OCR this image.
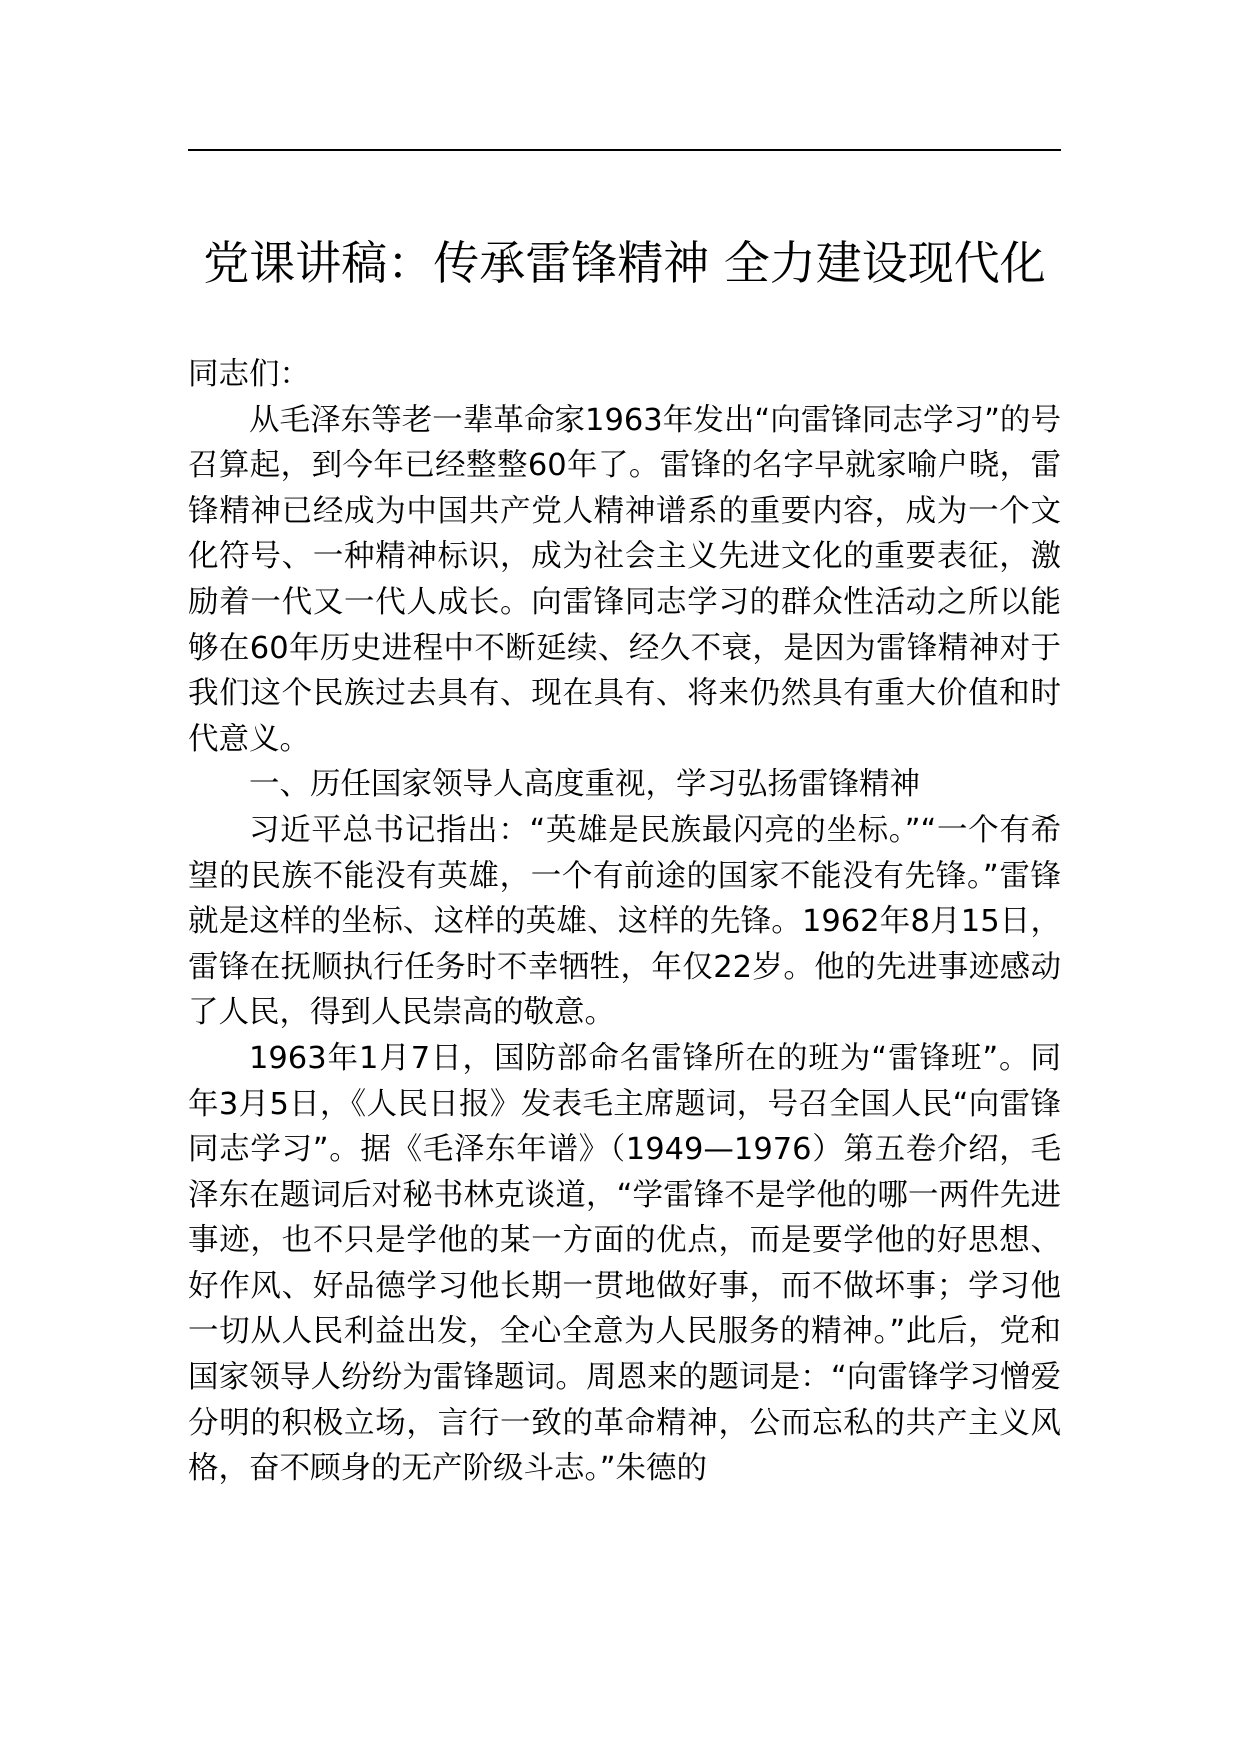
党课讲稿：传承雷锋精神 全力建设现代化

同志们：

从毛泽东等老一辈革命家1963年发出“向雷锋同志学习”的号召算起，到今年已经整整60年了。雷锋的名字早就家喻户晓，雷锋精神已经成为中国共产党人精神谱系的重要内容，成为一个文化符号、一种精神标识，成为社会主义先进文化的重要表征，激励着一代又一代人成长。向雷锋同志学习的群众性活动之所以能够在60年历史进程中不断延续、经久不衰，是因为雷锋精神对于我们这个民族过去具有、现在具有、将来仍然具有重大价值和时代意义。

一、历任国家领导人高度重视，学习弘扬雷锋精神

习近平总书记指出：“英雄是民族最闪亮的坐标。”“一个有希望的民族不能没有英雄，一个有前途的国家不能没有先锋。”雷锋就是这样的坐标、这样的英雄、这样的先锋。1962年8月15日，雷锋在抚顺执行任务时不幸牺牲，年仅22岁。他的先进事迹感动了人民，得到人民崇高的敬意。

1963年1月7日，国防部命名雷锋所在的班为“雷锋班”。同年3月5日，《人民日报》发表毛主席题词，号召全国人民“向雷锋同志学习”。据《毛泽东年谱》（1949—1976）第五卷介绍，毛泽东在题词后对秘书林克谈道，“学雷锋不是学他的哪一两件先进事迹，也不只是学他的某一方面的优点，而是要学他的好思想、好作风、好品德学习他长期一贯地做好事，而不做坏事；学习他一切从人民利益出发，全心全意为人民服务的精神。”此后，党和国家领导人纷纷为雷锋题词。周恩来的题词是：“向雷锋学习憎爱分明的积极立场，言行一致的革命精神，公而忘私的共产主义风格，奋不顾身的无产阶级斗志。”朱德的
